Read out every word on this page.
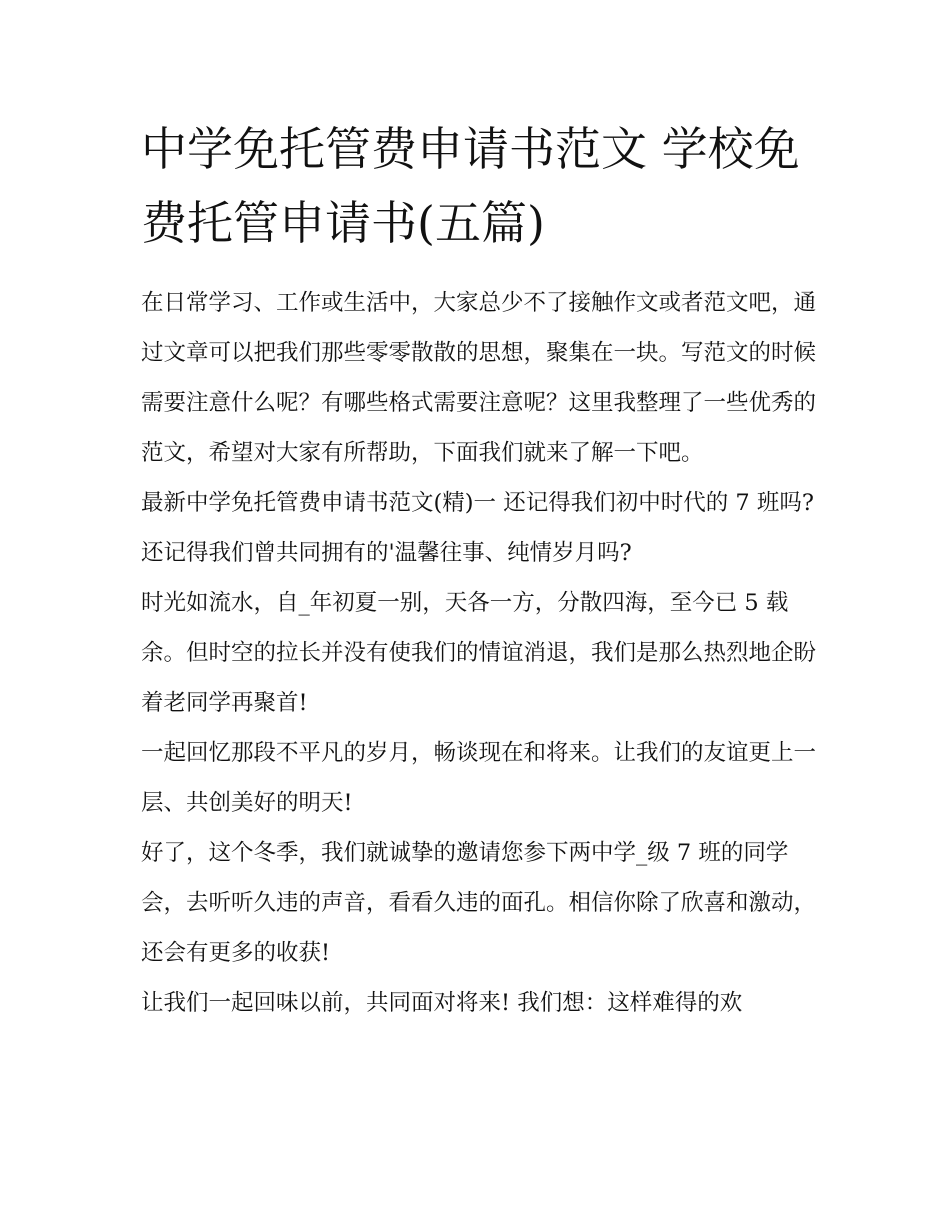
中学免托管费申请书范文 学校免费托管申请书(五篇)

在日常学习、工作或生活中，大家总少不了接触作文或者范文吧，通过文章可以把我们那些零零散散的思想，聚集在一块。写范文的时候需要注意什么呢？有哪些格式需要注意呢？这里我整理了一些优秀的范文，希望对大家有所帮助，下面我们就来了解一下吧。

最新中学免托管费申请书范文(精)一 还记得我们初中时代的 7 班吗?还记得我们曾共同拥有的'温馨往事、纯情岁月吗?

时光如流水，自_年初夏一别，天各一方，分散四海，至今已 5 载余。但时空的拉长并没有使我们的情谊消退，我们是那么热烈地企盼着老同学再聚首!

一起回忆那段不平凡的岁月，畅谈现在和将来。让我们的友谊更上一层、共创美好的明天!

好了，这个冬季，我们就诚挚的邀请您参下两中学_级 7 班的同学会，去听听久违的声音，看看久违的面孔。相信你除了欣喜和激动，还会有更多的收获!

让我们一起回味以前，共同面对将来! 我们想：这样难得的欢
